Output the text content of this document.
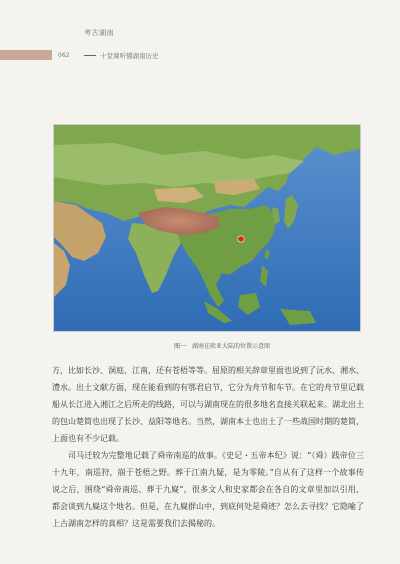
考古湖南
062	十堂课听懂湖南历史
图一 湖南在欧亚大陆的位置示意图

方，比如长沙、洞庭、江南，还有苍梧等等。屈原的相关辞章里面也说到了沅水、湘水、澧水。出土文献方面，现在能看到的有鄂君启节，它分为舟节和车节。在它的舟节里记载船从长江进入湘江之后所走的线路，可以与湖南现在的很多地名直接关联起来。湖北出土的包山楚简也出现了长沙、益阳等地名。当然，湖南本土也出土了一些战国时期的楚简，上面也有不少记载。

司马迁较为完整地记载了舜帝南巡的故事。《史记・五帝本纪》说：“（舜）践帝位三十九年，南巡狩，崩于苍梧之野。葬于江南九疑，是为零陵。”自从有了这样一个故事传说之后，围绕“舜帝南巡、葬于九嶷”，很多文人和史家都会在各自的文章里加以引用，都会谈到九嶷这个地名。但是，在九嶷群山中，到底何处是舜迹？怎么去寻找？它隐喻了上古湖南怎样的真相？这是需要我们去揭秘的。
